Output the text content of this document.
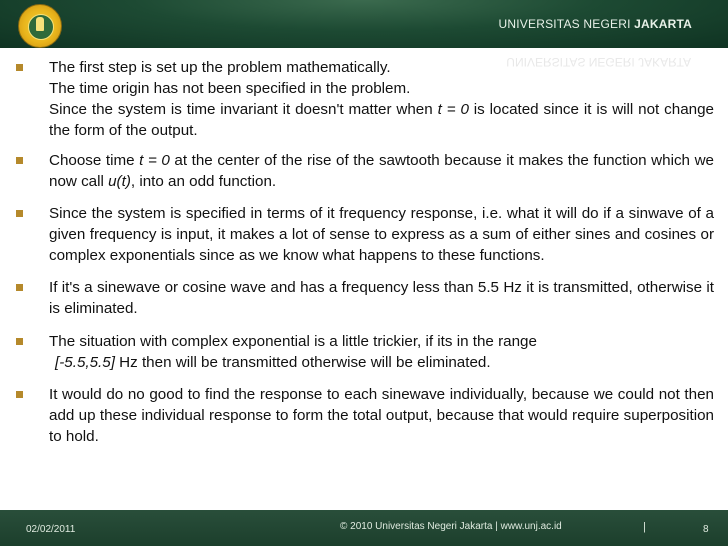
UNIVERSITAS NEGERI JAKARTA
UNIVERSITAS NEGERI JAKARTA

The first step is set up the problem mathematically.
The time origin has not been specified in the problem.
Since the system is time invariant it doesn't matter when t = 0 is located since it is will not change the form of the output.

Choose time t = 0 at the center of the rise of the sawtooth because it makes the function which we now call u(t), into an odd function.

Since the system is specified in terms of it frequency response, i.e. what it will do if a sinwave of a given frequency is input, it makes a lot of sense to express as a sum of either sines and cosines or complex exponentials since as we know what happens to these functions.

If it's a sinewave or cosine wave and has a frequency less than 5.5 Hz it is transmitted, otherwise it is eliminated.

The situation with complex exponential is a little trickier, if its in the range
[-5.5,5.5] Hz then will be transmitted otherwise will be eliminated.

It would do no good to find the response to each sinewave individually, because we could not then add up these individual response to form the total output, because that would require superposition to hold.

02/02/2011	© 2010 Universitas Negeri Jakarta | www.unj.ac.id	|	8
